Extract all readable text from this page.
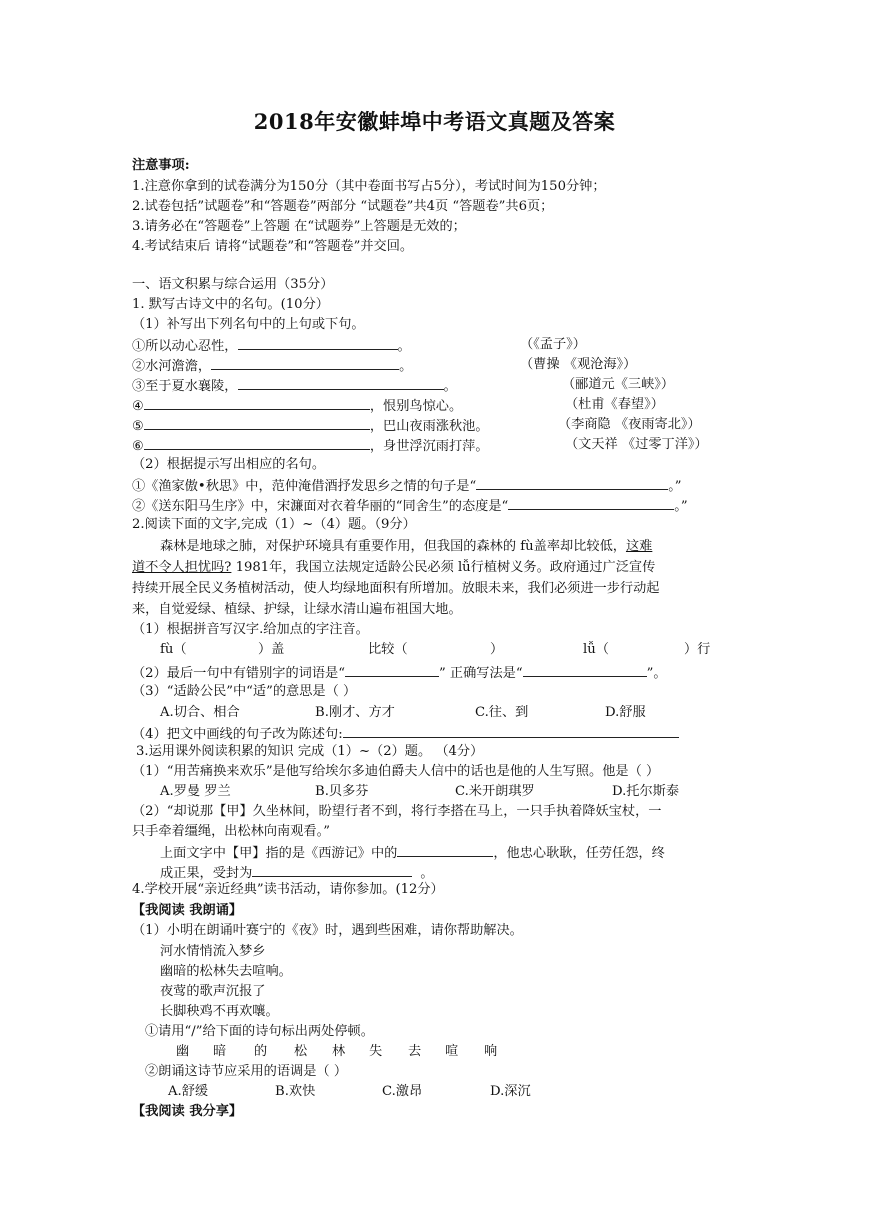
2018年安徽蚌埠中考语文真题及答案
注意事项:
1.注意你拿到的试卷满分为150分（其中卷面书写占5分），考试时间为150分钟；
2.试卷包括”试题卷”和“答题卷”两部分 “试题卷”共4页 “答题卷”共6页；
3.请务必在“答题卷”上答题 在“试题券”上答题是无效的；
4.考试结束后 请将“试题卷”和“答题卷”并交回。
一、语文积累与综合运用（35分）
1. 默写古诗文中的名句。(10分）
（1）补写出下列名句中的上句或下句。
①所以动心忍性，	。	（《孟子》）
②水河澹澹，	。	（曹操 《观沧海》）
③至于夏水襄陵，	。	（郦道元《三峡》）
④	，恨别鸟惊心。	（杜甫《春望》）
⑤	，巴山夜雨涨秋池。	（李商隐 《夜雨寄北》）
⑥	，身世浮沉雨打萍。	（文天祥 《过零丁洋》）
（2）根据提示写出相应的名句。
①《渔家傲•秋思》中，范仲淹借酒抒发思乡之情的句子是“	。”
②《送东阳马生序》中，宋濂面对衣着华丽的“同舍生”的态度是“	。”
2.阅读下面的文字,完成（1）~（4）题。（9分）
森林是地球之肺，对保护环境具有重要作用，但我国的森林的 fù盖率却比较低，这难
道不令人担忧吗? 1981年，我国立法规定适龄公民必须 lǚ行植树义务。政府通过广泛宣传
持续开展全民义务植树活动，使人均绿地面积有所增加。放眼未来，我们必须进一步行动起
来，自觉爱绿、植绿、护绿，让绿水清山遍布祖国大地。
（1）根据拼音写汉字.给加点的字注音。
fù（	）盖	比较（	）	lǚ（	）行
（2）最后一句中有错别字的词语是“	” 正确写法是“	”。
（3）“适龄公民”中“适”的意思是（ ）
A.切合、相合	B.刚才、方才	C.往、到	D.舒服
（4）把文中画线的句子改为陈述句:
3.运用课外阅读积累的知识 完成（1）~（2）题。 （4分）
（1）“用苦痛换来欢乐”是他写给埃尔多迪伯爵夫人信中的话也是他的人生写照。他是（ ）
A.罗曼 罗兰	B.贝多芬	C.米开朗琪罗	D.托尔斯泰
（2）“却说那【甲】久坐林间，盼望行者不到，将行李搭在马上，一只手执着降妖宝杖，一
只手牵着缰绳，出松林向南观看。”
上面文字中【甲】指的是《西游记》中的	，他忠心耿耿，任劳任怨，终
成正果，受封为	。
4.学校开展“亲近经典”读书活动，请你参加。(12分）
【我阅读 我朗诵】
（1）小明在朗诵叶赛宁的《夜》时，遇到些困难，请你帮助解决。
河水情悄流入梦乡
幽暗的松林失去喧响。
夜莺的歌声沉报了
长脚秧鸡不再欢嚷。
①请用“/”给下面的诗句标出两处停顿。
幽 暗 的 松 林 失 去 喧 响
②朗诵这诗节应采用的语调是（ ）
A.舒缓	B.欢快	C.激昂	D.深沉
【我阅读 我分享】
